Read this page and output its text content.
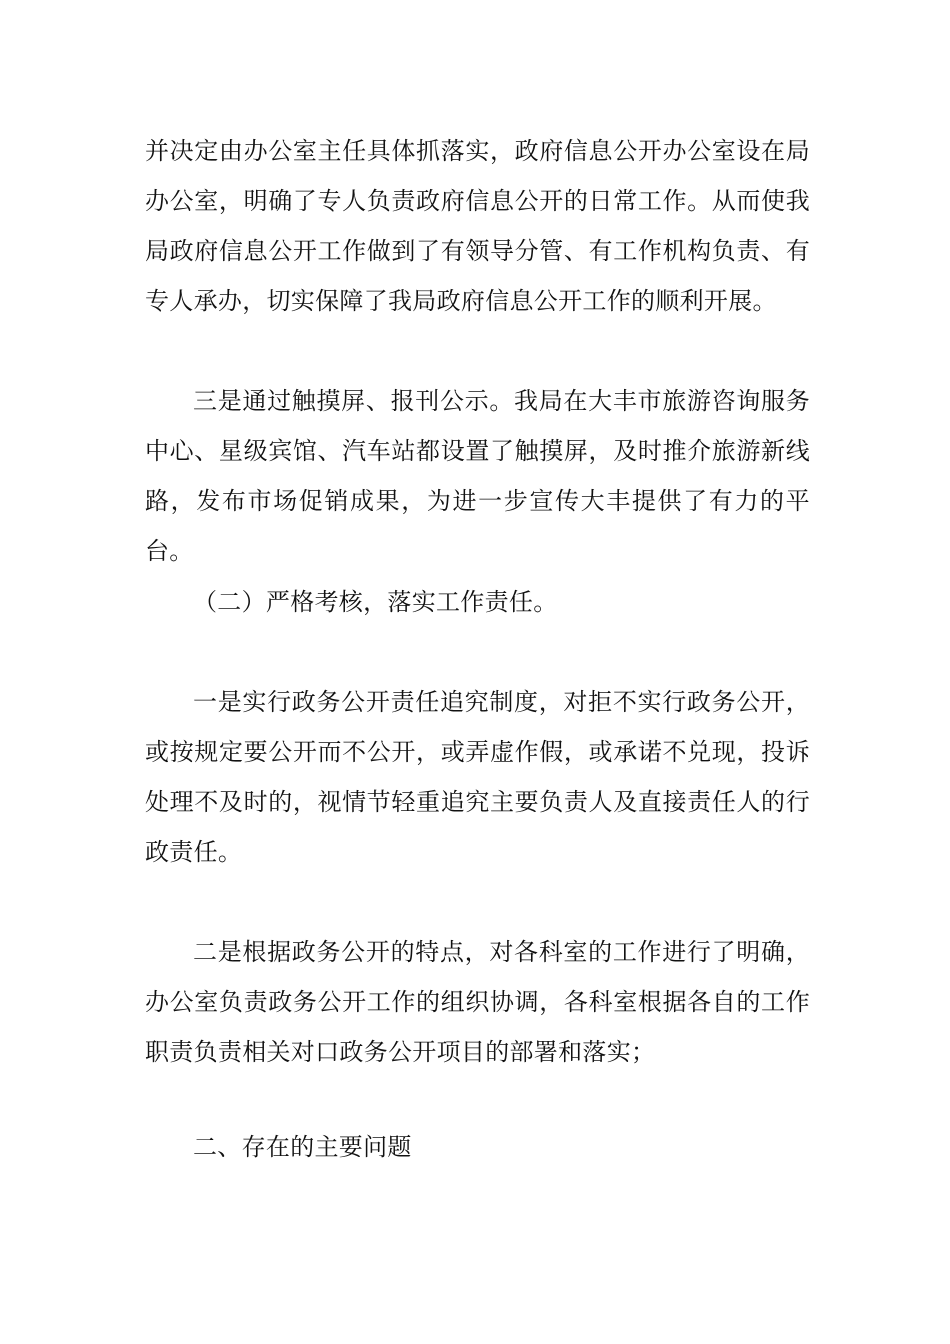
并决定由办公室主任具体抓落实，政府信息公开办公室设在局办公室，明确了专人负责政府信息公开的日常工作。从而使我局政府信息公开工作做到了有领导分管、有工作机构负责、有专人承办，切实保障了我局政府信息公开工作的顺利开展。

三是通过触摸屏、报刊公示。我局在大丰市旅游咨询服务中心、星级宾馆、汽车站都设置了触摸屏，及时推介旅游新线路，发布市场促销成果，为进一步宣传大丰提供了有力的平台。

（二）严格考核，落实工作责任。

一是实行政务公开责任追究制度，对拒不实行政务公开，或按规定要公开而不公开，或弄虚作假，或承诺不兑现，投诉处理不及时的，视情节轻重追究主要负责人及直接责任人的行政责任。

二是根据政务公开的特点，对各科室的工作进行了明确，办公室负责政务公开工作的组织协调，各科室根据各自的工作职责负责相关对口政务公开项目的部署和落实；

二、存在的主要问题
